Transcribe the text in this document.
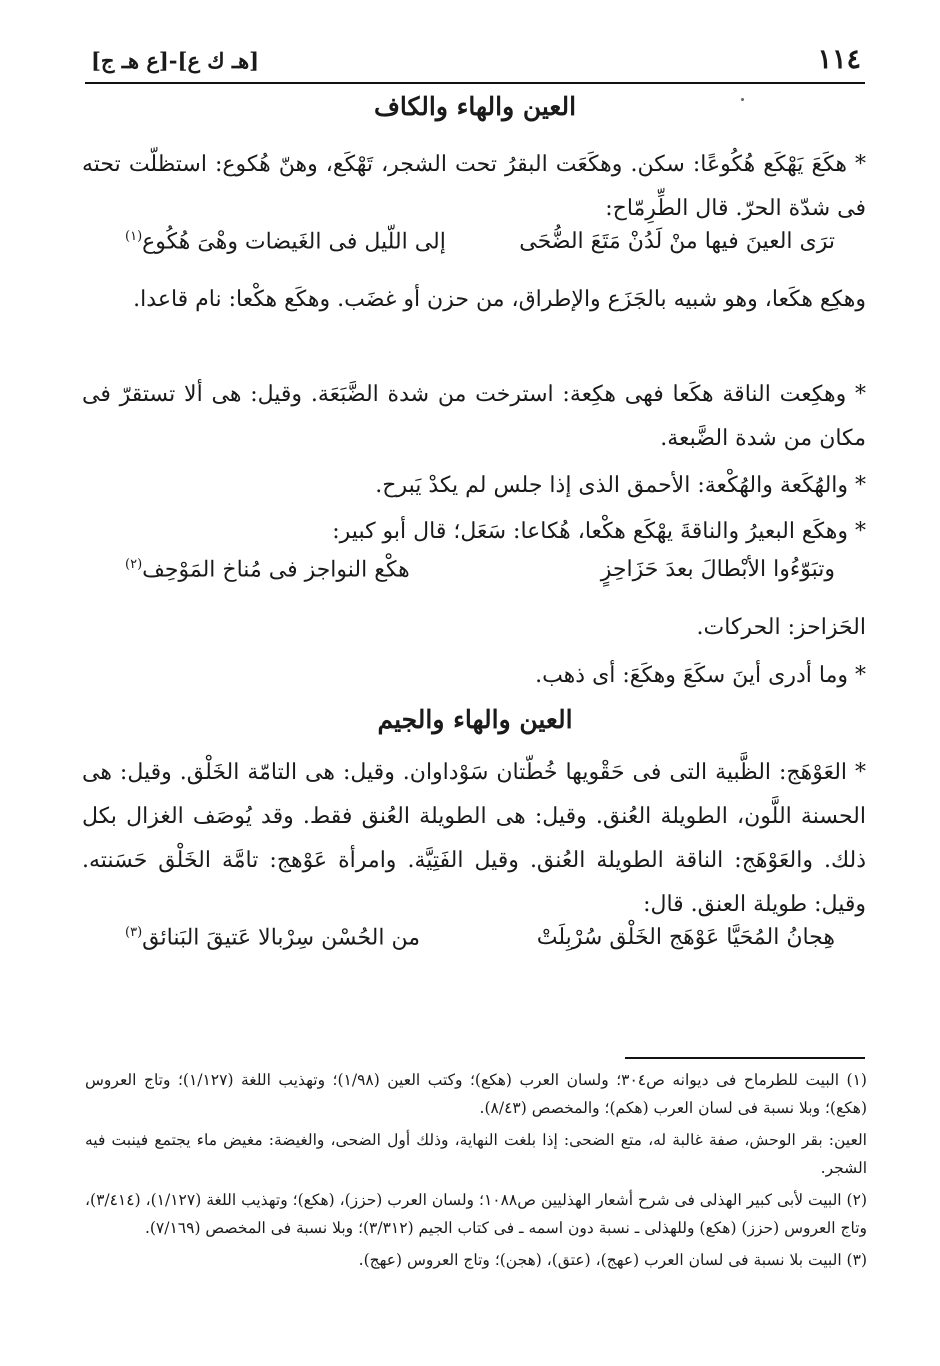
١١٤
[هـ ك ع]-[ع هـ ج]
العين والهاء والكاف
* هكَعَ يَهْكَع هُكُوعًا: سكن. وهكَعَت البقرُ تحت الشجر، تَهْكَع، وهنّ هُكوع: استظلّت تحته فى شدّة الحرّ. قال الطِّرِمّاح:
ترَى العينَ فيها منْ لَدُنْ مَتَعَ الضُّحَى
إلى اللّيل فى الغَيضات وهْىَ هُكُوع$^{(١)}$
وهكِع هكَعا، وهو شبيه بالجَزَع والإطراق، من حزن أو غضَب. وهكَع هكْعا: نام قاعدا.
* وهكِعت الناقة هكَعا فهى هكِعة: استرخت من شدة الضَّبَعَة. وقيل: هى ألا تستقرّ فى مكان من شدة الضَّبعة.
* والهُكَعة والهُكْعة: الأحمق الذى إذا جلس لم يكدْ يَبرح.
* وهكَع البعيرُ والناقةَ يهْكَع هكْعا، هُكاعا: سَعَل؛ قال أبو كبير:
وتبَوّءُوا الأبْطالَ بعدَ حَزَاحِزٍ
هكْع النواجز فى مُناخ المَوْحِف$^{(٢)}$
الحَزاحز: الحركات.
* وما أدرى أينَ سكَعَ وهكَعَ: أى ذهب.
العين والهاء والجيم
* العَوْهَج: الظَّبية التى فى حَقْويها خُطّتان سَوْداوان. وقيل: هى التامّة الخَلْق. وقيل: هى الحسنة اللَّون، الطويلة العُنق. وقيل: هى الطويلة العُنق فقط. وقد يُوصَف الغزال بكل ذلك. والعَوْهَج: الناقة الطويلة العُنق. وقيل الفَتِيَّة. وامرأة عَوْهج: تامَّة الخَلْق حَسَنته. وقيل: طويلة العنق. قال:
هِجانُ المُحَيَّا عَوْهَج الخَلْق سُرْبِلَتْ
من الحُسْن سِرْبالا عَتيقَ البَنائق$^{(٣)}$

(١) البيت للطرماح فى ديوانه ص٣٠٤؛ ولسان العرب (هكع)؛ وكتب العين (١/٩٨)؛ وتهذيب اللغة (١/١٢٧)؛ وتاج العروس (هكع)؛ وبلا نسبة فى لسان العرب (هكم)؛ والمخصص (٨/٤٣).

العين: بقر الوحش، صفة غالبة له، متع الضحى: إذا بلغت النهاية، وذلك أول الضحى، والغيضة: مغيض ماء يجتمع فينبت فيه الشجر.

(٢) البيت لأبى كبير الهذلى فى شرح أشعار الهذليين ص١٠٨٨؛ ولسان العرب (حزز)، (هكع)؛ وتهذيب اللغة (١/١٢٧)، (٣/٤١٤)، وتاج العروس (حزز) (هكع) وللهذلى ـ نسبة دون اسمه ـ فى كتاب الجيم (٣/٣١٢)؛ وبلا نسبة فى المخصص (٧/١٦٩).

(٣) البيت بلا نسبة فى لسان العرب (عهج)، (عتق)، (هجن)؛ وتاج العروس (عهج).
